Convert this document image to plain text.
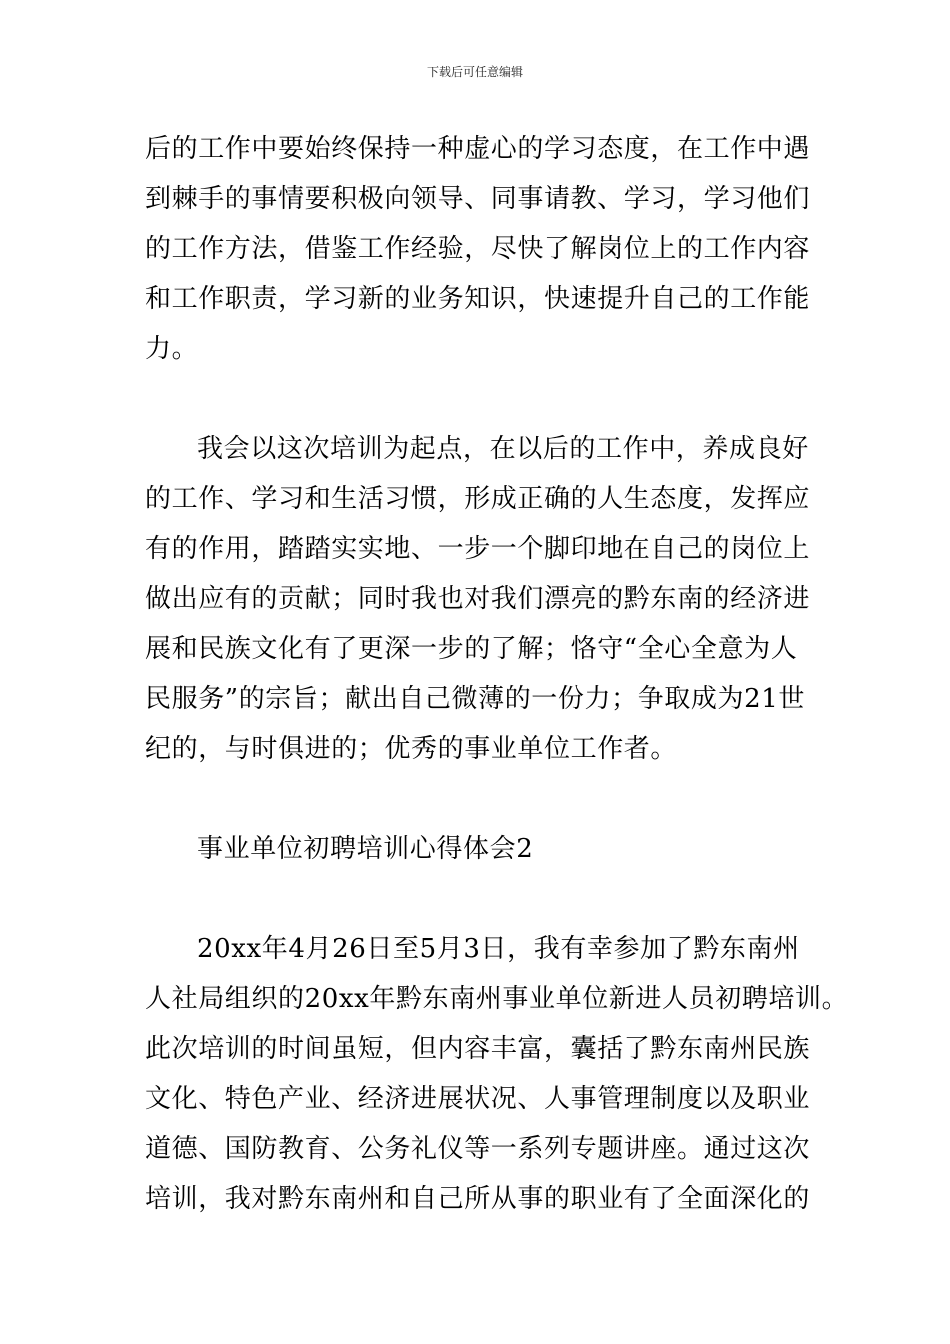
下载后可任意编辑
后的工作中要始终保持一种虚心的学习态度，在工作中遇
到棘手的事情要积极向领导、同事请教、学习，学习他们
的工作方法，借鉴工作经验，尽快了解岗位上的工作内容
和工作职责，学习新的业务知识，快速提升自己的工作能
力。
我会以这次培训为起点，在以后的工作中，养成良好
的工作、学习和生活习惯，形成正确的人生态度，发挥应
有的作用，踏踏实实地、一步一个脚印地在自己的岗位上
做出应有的贡献；同时我也对我们漂亮的黔东南的经济进
展和民族文化有了更深一步的了解；恪守“全心全意为人
民服务”的宗旨；献出自己微薄的一份力；争取成为21世
纪的，与时俱进的；优秀的事业单位工作者。
事业单位初聘培训心得体会2
20xx年4月26日至5月3日，我有幸参加了黔东南州
人社局组织的20xx年黔东南州事业单位新进人员初聘培训。
此次培训的时间虽短，但内容丰富，囊括了黔东南州民族
文化、特色产业、经济进展状况、人事管理制度以及职业
道德、国防教育、公务礼仪等一系列专题讲座。通过这次
培训，我对黔东南州和自己所从事的职业有了全面深化的
